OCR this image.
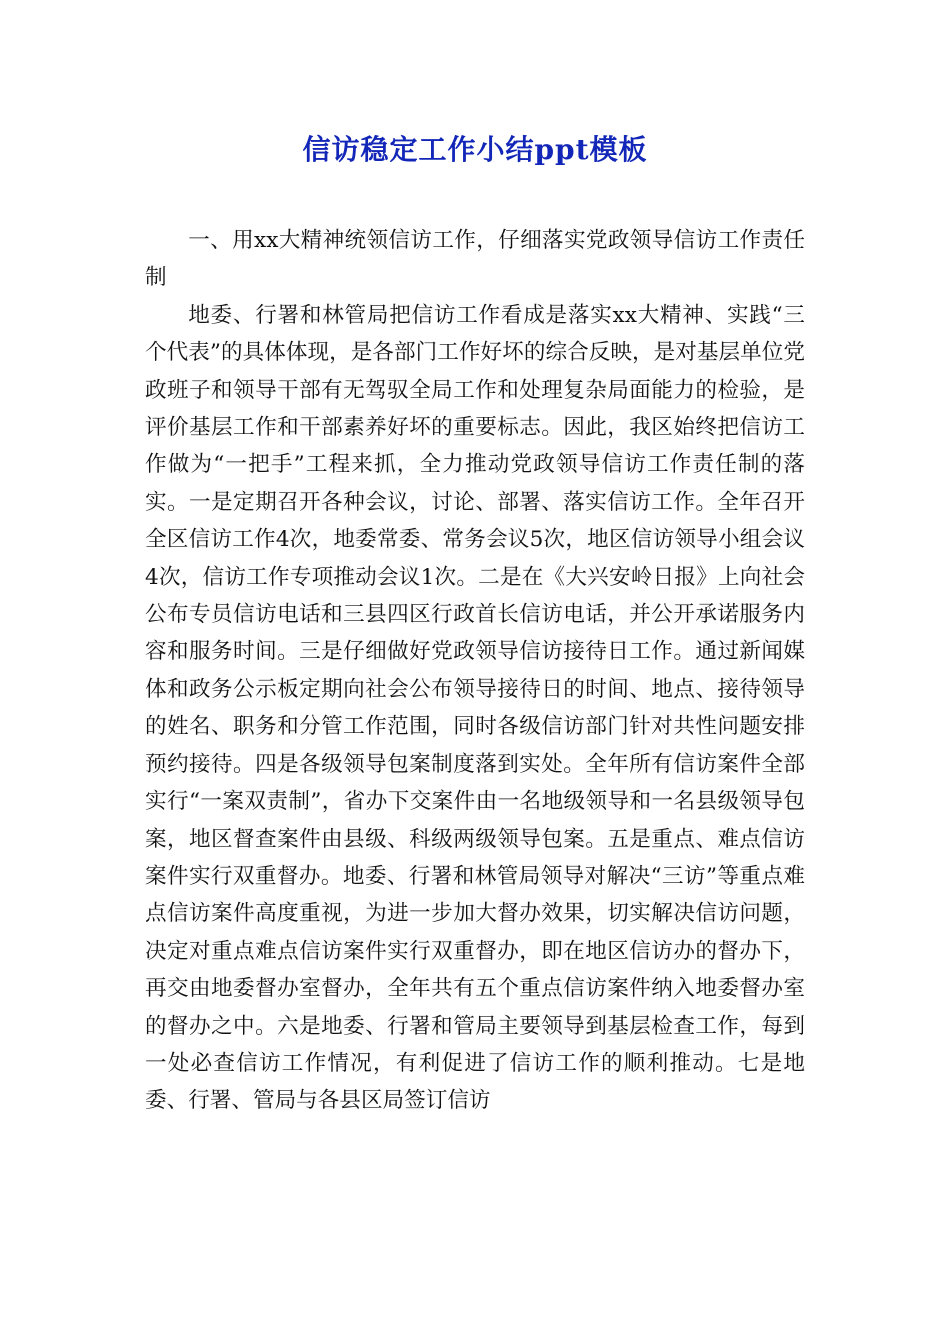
信访稳定工作小结ppt模板

一、用xx大精神统领信访工作，仔细落实党政领导信访工作责任制

地委、行署和林管局把信访工作看成是落实xx大精神、实践“三个代表”的具体体现，是各部门工作好坏的综合反映，是对基层单位党政班子和领导干部有无驾驭全局工作和处理复杂局面能力的检验，是评价基层工作和干部素养好坏的重要标志。因此，我区始终把信访工作做为“一把手”工程来抓，全力推动党政领导信访工作责任制的落实。一是定期召开各种会议，讨论、部署、落实信访工作。全年召开全区信访工作4次，地委常委、常务会议5次，地区信访领导小组会议4次，信访工作专项推动会议1次。二是在《大兴安岭日报》上向社会公布专员信访电话和三县四区行政首长信访电话，并公开承诺服务内容和服务时间。三是仔细做好党政领导信访接待日工作。通过新闻媒体和政务公示板定期向社会公布领导接待日的时间、地点、接待领导的姓名、职务和分管工作范围，同时各级信访部门针对共性问题安排预约接待。四是各级领导包案制度落到实处。全年所有信访案件全部实行“一案双责制”，省办下交案件由一名地级领导和一名县级领导包案，地区督查案件由县级、科级两级领导包案。五是重点、难点信访案件实行双重督办。地委、行署和林管局领导对解决“三访”等重点难点信访案件高度重视，为进一步加大督办效果，切实解决信访问题，决定对重点难点信访案件实行双重督办，即在地区信访办的督办下，再交由地委督办室督办，全年共有五个重点信访案件纳入地委督办室的督办之中。六是地委、行署和管局主要领导到基层检查工作，每到一处必查信访工作情况，有利促进了信访工作的顺利推动。七是地委、行署、管局与各县区局签订信访
